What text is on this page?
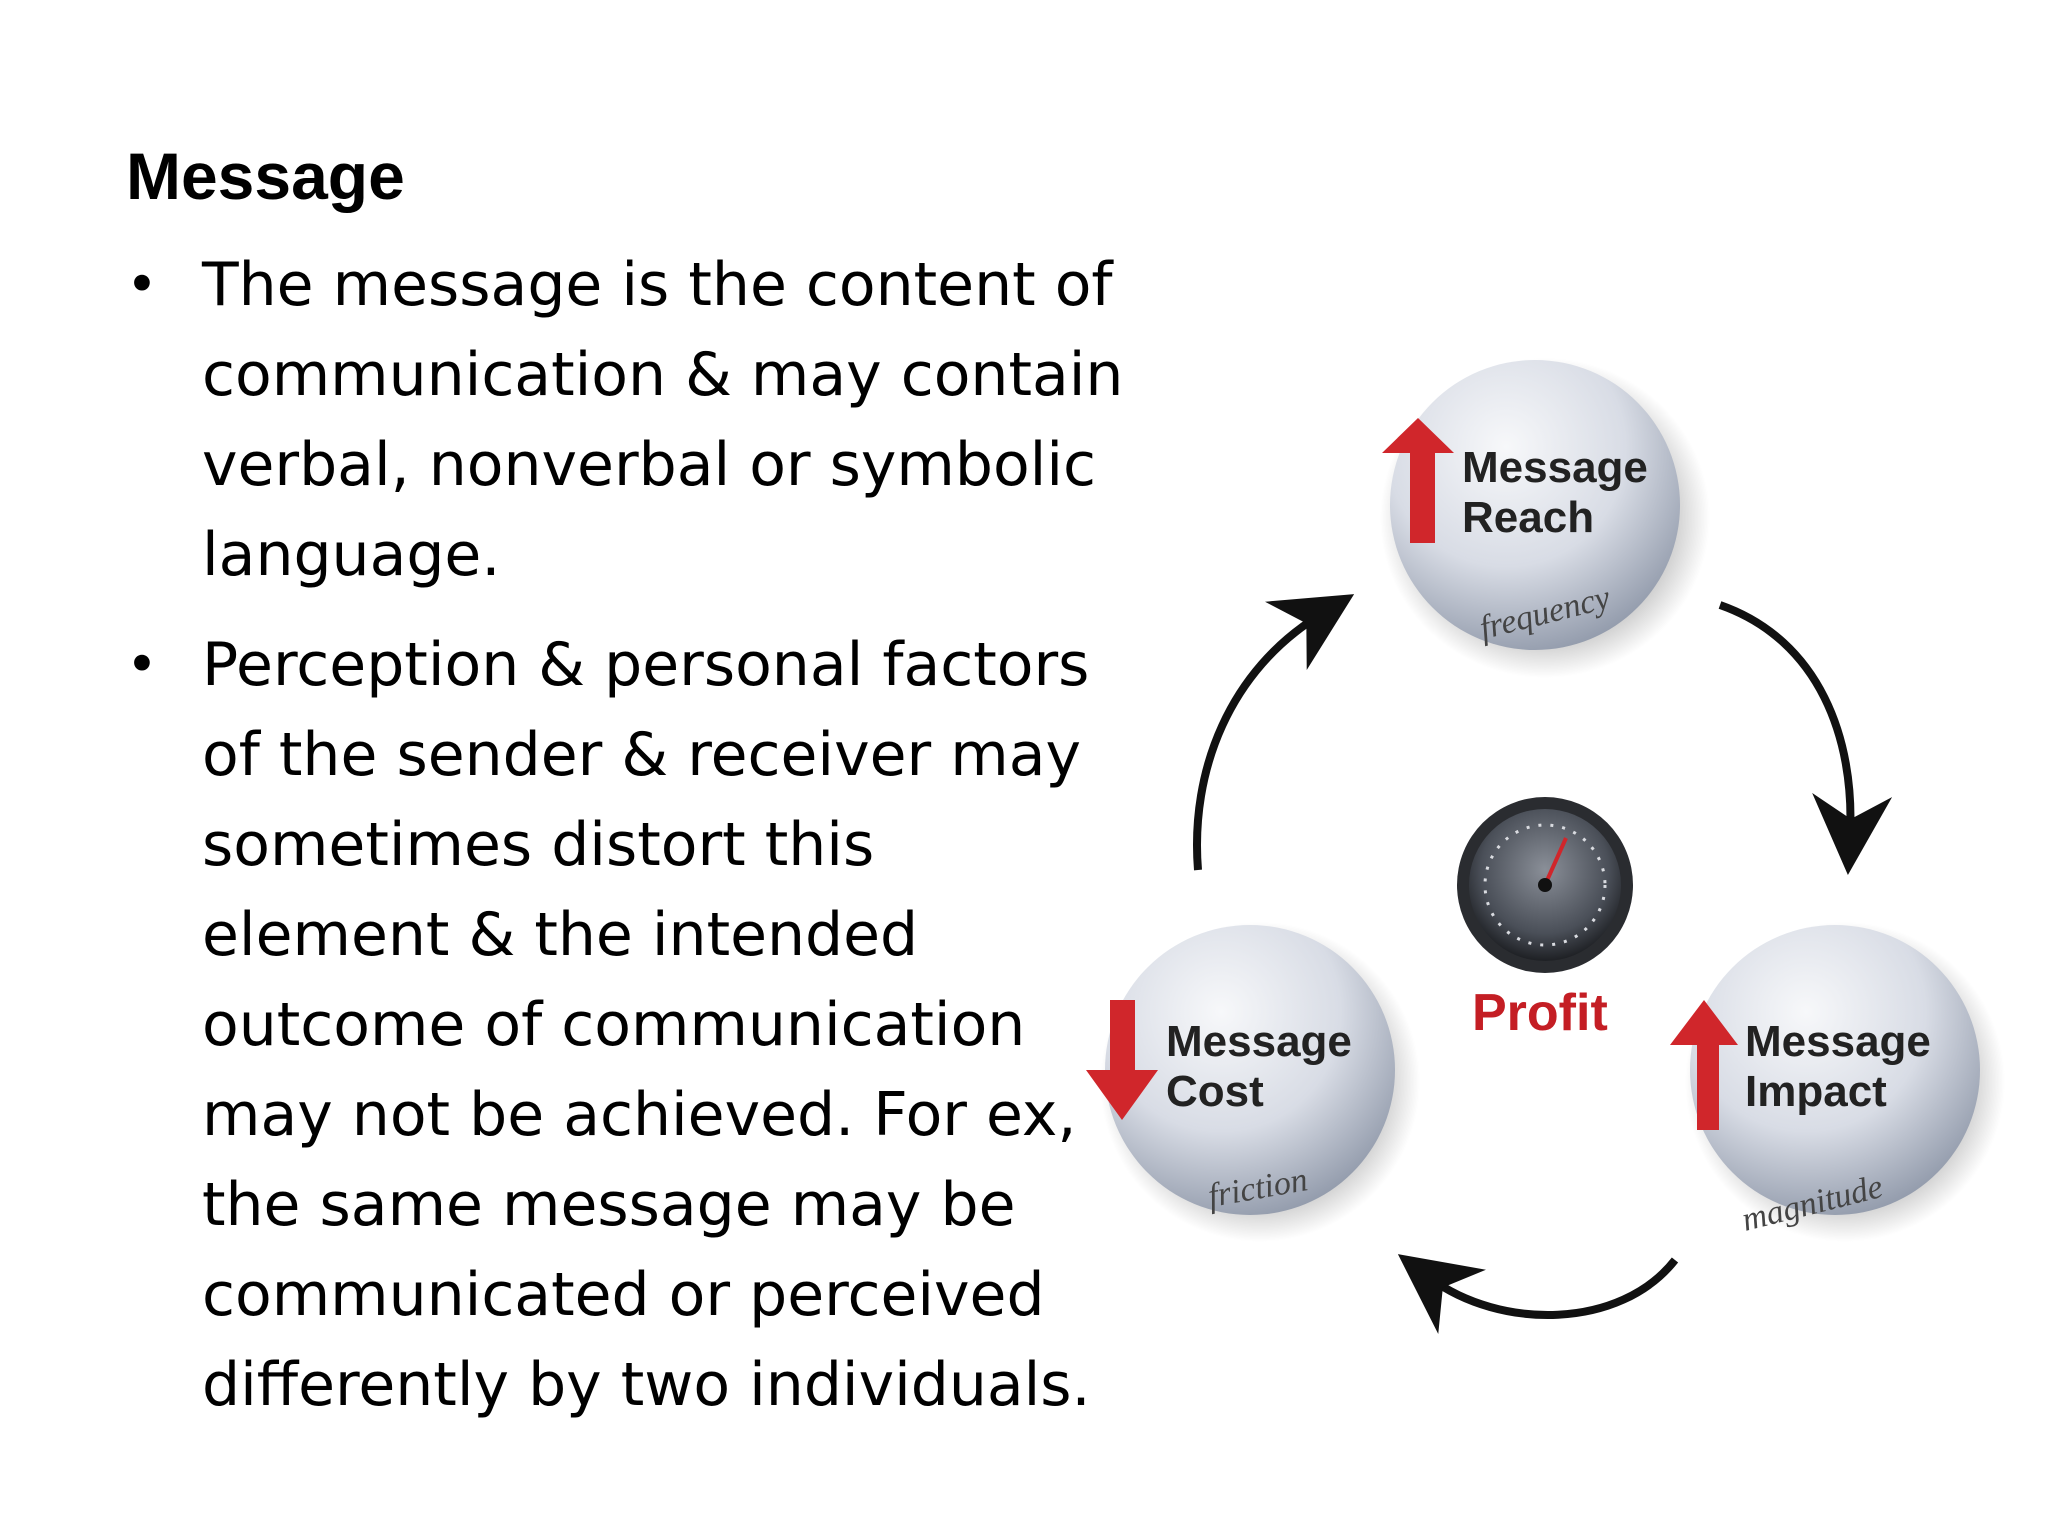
Message
• The message is the content of communication & may contain verbal, nonverbal or symbolic language.
• Perception & personal factors of the sender & receiver may sometimes distort this element & the intended outcome of communication may not be achieved. For ex, the same message may be communicated or perceived differently by two individuals.
Message
Reach
frequency
Message
Cost
friction
Message
Impact
magnitude
Profit
